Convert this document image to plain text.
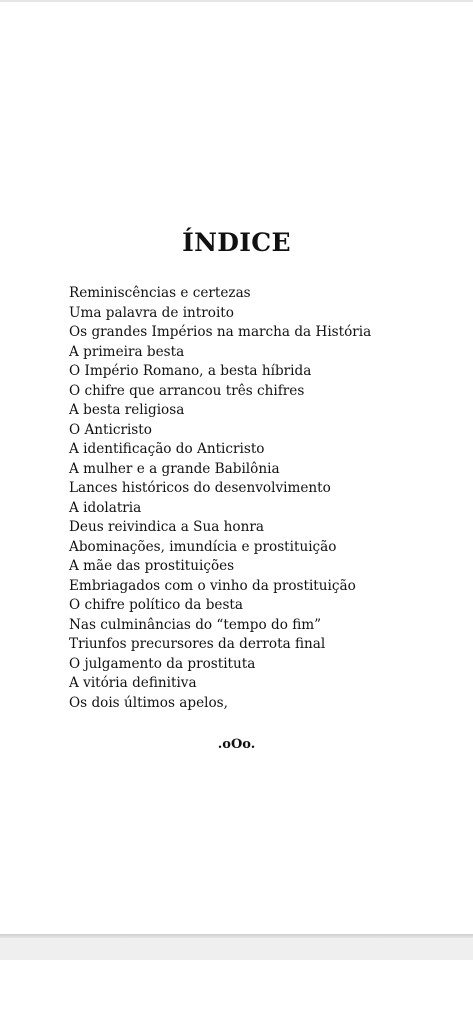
ÍNDICE
Reminiscências e certezas
Uma palavra de introito
Os grandes Impérios na marcha da História
A primeira besta
O Império Romano, a besta híbrida
O chifre que arrancou três chifres
A besta religiosa
O Anticristo
A identificação do Anticristo
A mulher e a grande Babilônia
Lances históricos do desenvolvimento
A idolatria
Deus reivindica a Sua honra
Abominações, imundícia e prostituição
A mãe das prostituições
Embriagados com o vinho da prostituição
O chifre político da besta
Nas culminâncias do “tempo do fim”
Triunfos precursores da derrota final
O julgamento da prostituta
A vitória definitiva
Os dois últimos apelos,
.oOo.
